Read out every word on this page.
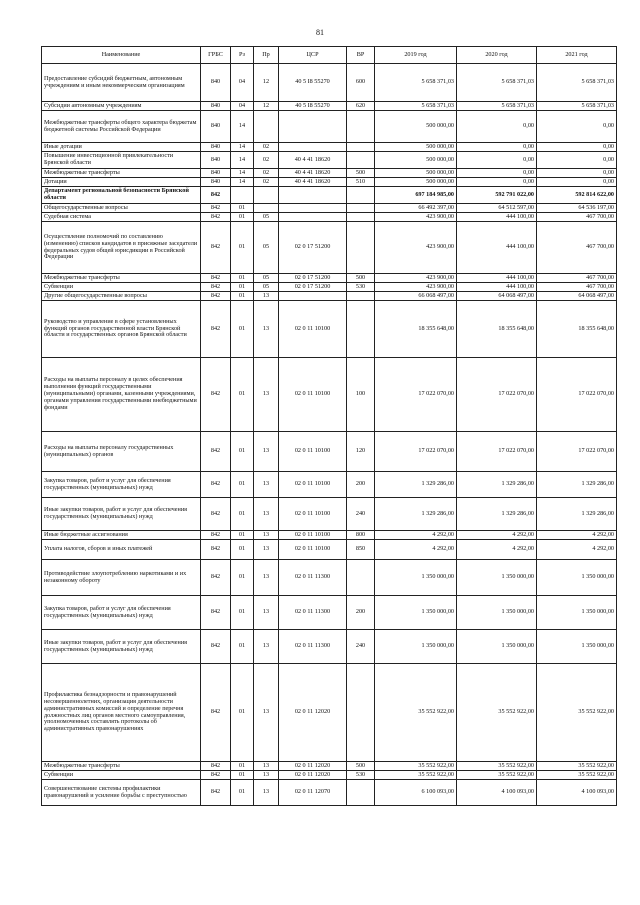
81
Наименование	ГРБС	Рз	Пр	ЦСР	ВР	2019 год	2020 год	2021 год
Предоставление субсидий бюджетным, автономным учреждениям и иным некоммерческим организациям	840	04	12	40 5 I8 55270	600	5 658 371,03	5 658 371,03	5 658 371,03
Субсидии автономным учреждениям	840	04	12	40 5 I8 55270	620	5 658 371,03	5 658 371,03	5 658 371,03
Межбюджетные трансферты общего характера бюджетам бюджетной системы Российской Федерации	840	14				500 000,00	0,00	0,00
Иные дотации	840	14	02			500 000,00	0,00	0,00
Повышение инвестиционной привлекательности Брянской области	840	14	02	40 4 41 18620		500 000,00	0,00	0,00
Межбюджетные трансферты	840	14	02	40 4 41 18620	500	500 000,00	0,00	0,00
Дотации	840	14	02	40 4 41 18620	510	500 000,00	0,00	0,00
Департамент региональной безопасности Брянской области	842					697 184 985,00	592 791 022,00	592 814 622,00
Общегосударственные вопросы	842	01				66 492 397,00	64 512 597,00	64 536 197,00
Судебная система	842	01	05			423 900,00	444 100,00	467 700,00
Осуществление полномочий по составлению (изменению) списков кандидатов в присяжные заседатели федеральных судов общей юрисдикции в Российской Федерации	842	01	05	02 0 17 51200		423 900,00	444 100,00	467 700,00
Межбюджетные трансферты	842	01	05	02 0 17 51200	500	423 900,00	444 100,00	467 700,00
Субвенции	842	01	05	02 0 17 51200	530	423 900,00	444 100,00	467 700,00
Другие общегосударственные вопросы	842	01	13			66 068 497,00	64 068 497,00	64 068 497,00
Руководство и управление в сфере установленных функций органов государственной власти Брянской области и государственных органов Брянской области	842	01	13	02 0 11 10100		18 355 648,00	18 355 648,00	18 355 648,00
Расходы на выплаты персоналу в целях обеспечения выполнения функций государственными (муниципальными) органами, казенными учреждениями, органами управления государственными внебюджетными фондами	842	01	13	02 0 11 10100	100	17 022 070,00	17 022 070,00	17 022 070,00
Расходы на выплаты персоналу государственных (муниципальных) органов	842	01	13	02 0 11 10100	120	17 022 070,00	17 022 070,00	17 022 070,00
Закупка товаров, работ и услуг для обеспечения государственных (муниципальных) нужд	842	01	13	02 0 11 10100	200	1 329 286,00	1 329 286,00	1 329 286,00
Иные закупки товаров, работ и услуг для обеспечения государственных (муниципальных) нужд	842	01	13	02 0 11 10100	240	1 329 286,00	1 329 286,00	1 329 286,00
Иные бюджетные ассигнования	842	01	13	02 0 11 10100	800	4 292,00	4 292,00	4 292,00
Уплата налогов, сборов и иных платежей	842	01	13	02 0 11 10100	850	4 292,00	4 292,00	4 292,00
Противодействие злоупотреблению наркотиками и их незаконному обороту	842	01	13	02 0 11 11300		1 350 000,00	1 350 000,00	1 350 000,00
Закупка товаров, работ и услуг для обеспечения государственных (муниципальных) нужд	842	01	13	02 0 11 11300	200	1 350 000,00	1 350 000,00	1 350 000,00
Иные закупки товаров, работ и услуг для обеспечения государственных (муниципальных) нужд	842	01	13	02 0 11 11300	240	1 350 000,00	1 350 000,00	1 350 000,00
Профилактика безнадзорности и правонарушений несовершеннолетних, организация деятельности административных комиссий и определение перечня должностных лиц органов местного самоуправления, уполномоченных составлять протоколы об административных правонарушениях	842	01	13	02 0 11 12020		35 552 922,00	35 552 922,00	35 552 922,00
Межбюджетные трансферты	842	01	13	02 0 11 12020	500	35 552 922,00	35 552 922,00	35 552 922,00
Субвенции	842	01	13	02 0 11 12020	530	35 552 922,00	35 552 922,00	35 552 922,00
Совершенствование системы профилактики правонарушений и усиление борьбы с преступностью	842	01	13	02 0 11 12070		6 100 093,00	4 100 093,00	4 100 093,00
